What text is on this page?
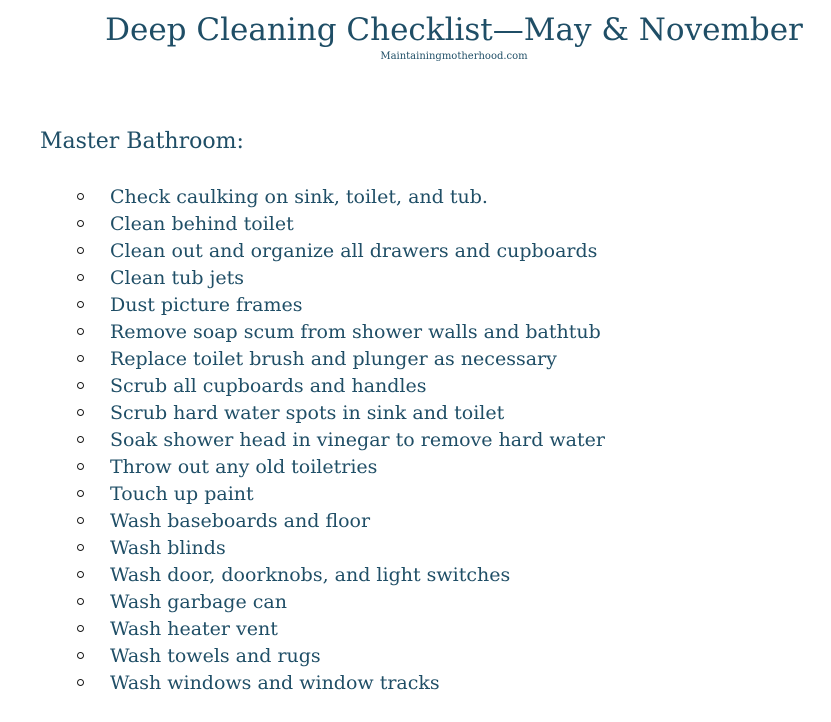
Deep Cleaning Checklist—May & November
Maintainingmotherhood.com
Master Bathroom:
Check caulking on sink, toilet, and tub.
Clean behind toilet
Clean out and organize all drawers and cupboards
Clean tub jets
Dust picture frames
Remove soap scum from shower walls and bathtub
Replace toilet brush and plunger as necessary
Scrub all cupboards and handles
Scrub hard water spots in sink and toilet
Soak shower head in vinegar to remove hard water
Throw out any old toiletries
Touch up paint
Wash baseboards and floor
Wash blinds
Wash door, doorknobs, and light switches
Wash garbage can
Wash heater vent
Wash towels and rugs
Wash windows and window tracks
